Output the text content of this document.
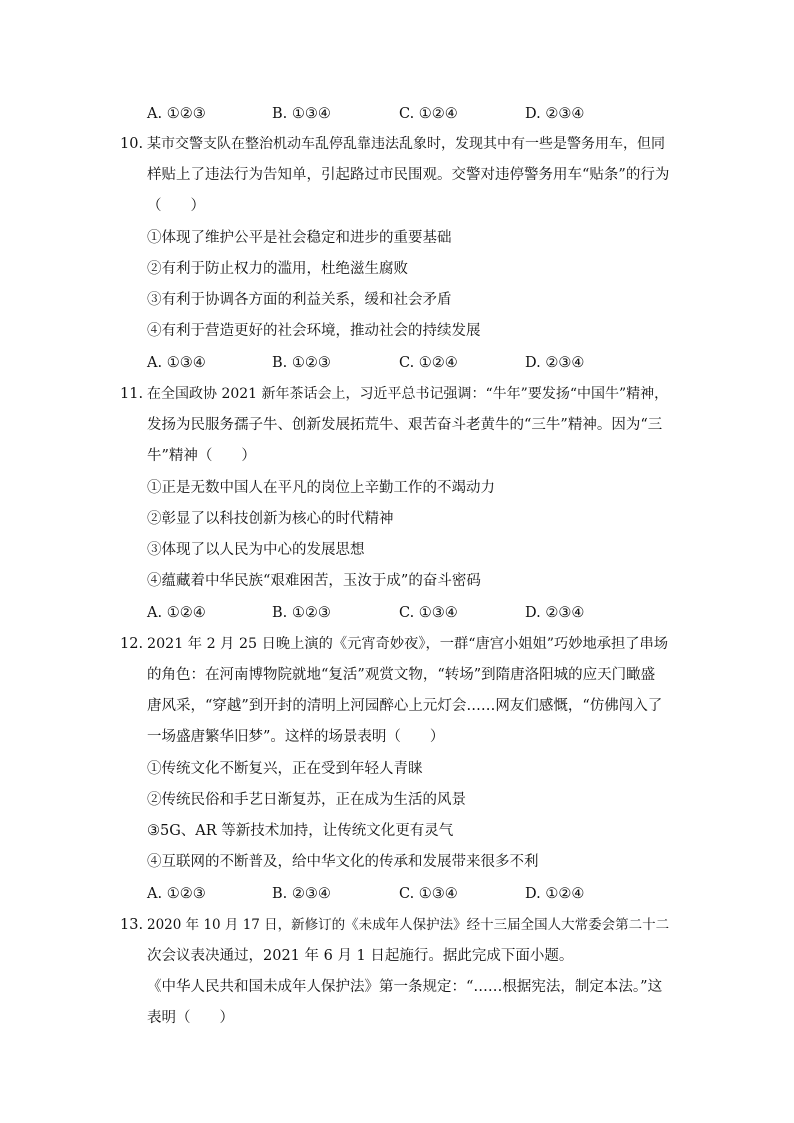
A. ①②③	B. ①③④	C. ①②④	D. ②③④
10. 某市交警支队在整治机动车乱停乱靠违法乱象时，发现其中有一些是警务用车，但同
样贴上了违法行为告知单，引起路过市民围观。交警对违停警务用车“贴条”的行为
（　　）
①体现了维护公平是社会稳定和进步的重要基础
②有利于防止权力的滥用，杜绝滋生腐败
③有利于协调各方面的利益关系，缓和社会矛盾
④有利于营造更好的社会环境，推动社会的持续发展
A. ①③④	B. ①②③	C. ①②④	D. ②③④
11. 在全国政协 2021 新年茶话会上，习近平总书记强调：“牛年”要发扬“中国牛”精神，
发扬为民服务孺子牛、创新发展拓荒牛、艰苦奋斗老黄牛的“三牛”精神。因为“三
牛”精神（　　）
①正是无数中国人在平凡的岗位上辛勤工作的不竭动力
②彰显了以科技创新为核心的时代精神
③体现了以人民为中心的发展思想
④蕴藏着中华民族“艰难困苦，玉汝于成”的奋斗密码
A. ①②④	B. ①②③	C. ①③④	D. ②③④
12. 2021 年 2 月 25 日晚上演的《元宵奇妙夜》，一群“唐宫小姐姐”巧妙地承担了串场
的角色：在河南博物院就地“复活”观赏文物，“转场”到隋唐洛阳城的应天门瞰盛
唐风采，“穿越”到开封的清明上河园醉心上元灯会……网友们感慨，“仿佛闯入了
一场盛唐繁华旧梦”。这样的场景表明（　　）
①传统文化不断复兴，正在受到年轻人青睐
②传统民俗和手艺日渐复苏，正在成为生活的风景
③5G、AR 等新技术加持，让传统文化更有灵气
④互联网的不断普及，给中华文化的传承和发展带来很多不利
A. ①②③	B. ②③④	C. ①③④	D. ①②④
13. 2020 年 10 月 17 日，新修订的《未成年人保护法》经十三届全国人大常委会第二十二
次会议表决通过，2021 年 6 月 1 日起施行。据此完成下面小题。
《中华人民共和国未成年人保护法》第一条规定：“……根据宪法，制定本法。”这
表明（　　）
